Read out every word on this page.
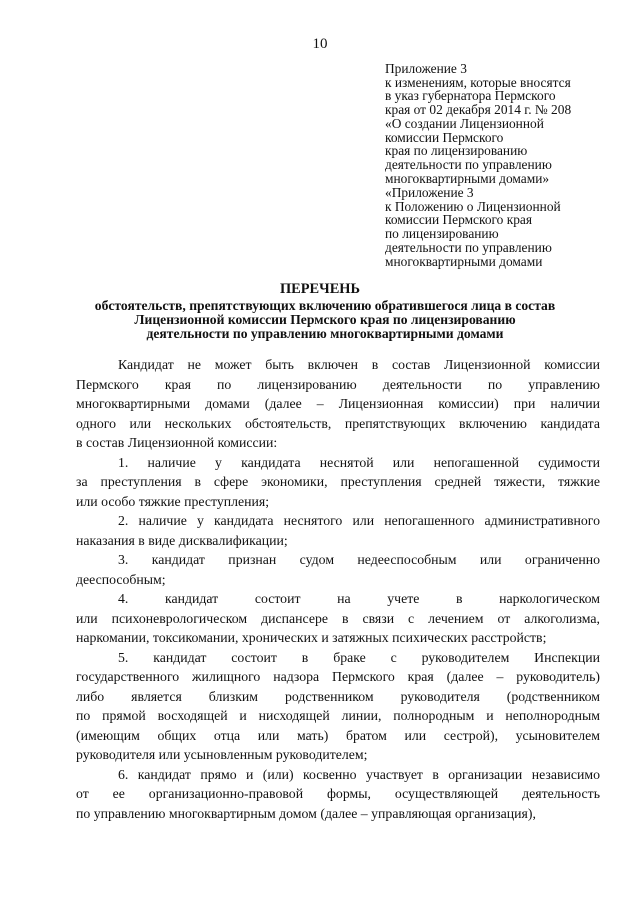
10
Приложение 3
к изменениям, которые вносятся
в указ губернатора Пермского
края от 02 декабря 2014 г. № 208
«О создании Лицензионной
комиссии Пермского
края по лицензированию
деятельности по управлению
многоквартирными домами»
«Приложение 3
к Положению о Лицензионной
комиссии Пермского края
по лицензированию
деятельности по управлению
многоквартирными домами
ПЕРЕЧЕНЬ
обстоятельств, препятствующих включению обратившегося лица в состав
Лицензионной комиссии Пермского края по лицензированию
деятельности по управлению многоквартирными домами
Кандидат не может быть включен в состав Лицензионной комиссии
Пермского края по лицензированию деятельности по управлению
многоквартирными домами (далее – Лицензионная комиссии) при наличии
одного или нескольких обстоятельств, препятствующих включению кандидата
в состав Лицензионной комиссии:
1. наличие у кандидата неснятой или непогашенной судимости
за преступления в сфере экономики, преступления средней тяжести, тяжкие
или особо тяжкие преступления;
2. наличие у кандидата неснятого или непогашенного административного
наказания в виде дисквалификации;
3. кандидат признан судом недееспособным или ограниченно
дееспособным;
4. кандидат состоит на учете в наркологическом
или психоневрологическом диспансере в связи с лечением от алкоголизма,
наркомании, токсикомании, хронических и затяжных психических расстройств;
5. кандидат состоит в браке с руководителем Инспекции
государственного жилищного надзора Пермского края (далее – руководитель)
либо является близким родственником руководителя (родственником
по прямой восходящей и нисходящей линии, полнородным и неполнородным
(имеющим общих отца или мать) братом или сестрой), усыновителем
руководителя или усыновленным руководителем;
6. кандидат прямо и (или) косвенно участвует в организации независимо
от ее организационно-правовой формы, осуществляющей деятельность
по управлению многоквартирным домом (далее – управляющая организация),
